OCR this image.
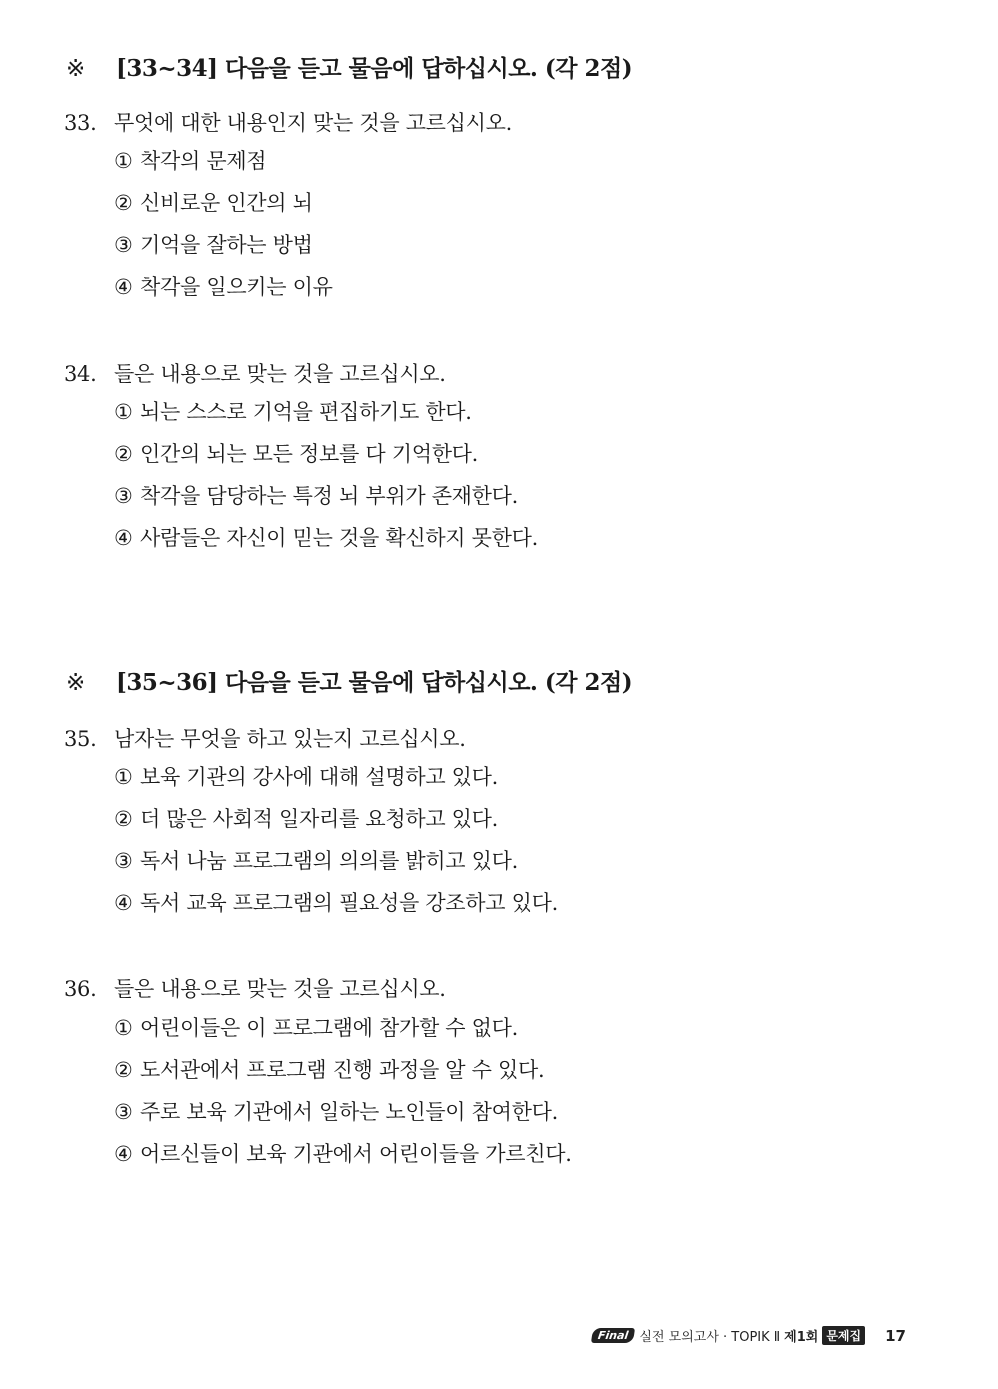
※ [33~34] 다음을 듣고 물음에 답하십시오. (각 2점)
33. 무엇에 대한 내용인지 맞는 것을 고르십시오.
① 착각의 문제점
② 신비로운 인간의 뇌
③ 기억을 잘하는 방법
④ 착각을 일으키는 이유
34. 들은 내용으로 맞는 것을 고르십시오.
① 뇌는 스스로 기억을 편집하기도 한다.
② 인간의 뇌는 모든 정보를 다 기억한다.
③ 착각을 담당하는 특정 뇌 부위가 존재한다.
④ 사람들은 자신이 믿는 것을 확신하지 못한다.
※ [35~36] 다음을 듣고 물음에 답하십시오. (각 2점)
35. 남자는 무엇을 하고 있는지 고르십시오.
① 보육 기관의 강사에 대해 설명하고 있다.
② 더 많은 사회적 일자리를 요청하고 있다.
③ 독서 나눔 프로그램의 의의를 밝히고 있다.
④ 독서 교육 프로그램의 필요성을 강조하고 있다.
36. 들은 내용으로 맞는 것을 고르십시오.
① 어린이들은 이 프로그램에 참가할 수 없다.
② 도서관에서 프로그램 진행 과정을 알 수 있다.
③ 주로 보육 기관에서 일하는 노인들이 참여한다.
④ 어르신들이 보육 기관에서 어린이들을 가르친다.
Final 실전 모의고사 · TOPIK Ⅱ 제1회 문제집 17
